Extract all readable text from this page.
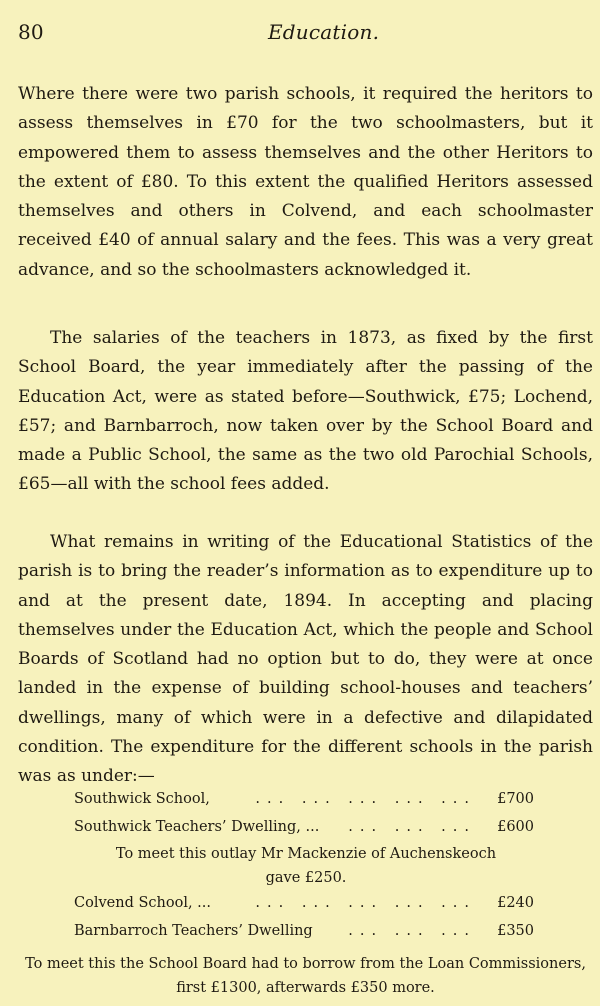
80	Education.

Where there were two parish schools, it required the heritors to assess themselves in £70 for the two schoolmasters, but it empowered them to assess themselves and the other Heritors to the extent of £80. To this extent the qualified Heritors assessed themselves and others in Colvend, and each schoolmaster received £40 of annual salary and the fees. This was a very great advance, and so the schoolmasters acknowledged it.

The salaries of the teachers in 1873, as fixed by the first School Board, the year immediately after the passing of the Education Act, were as stated before—Southwick, £75; Lochend, £57; and Barnbarroch, now taken over by the School Board and made a Public School, the same as the two old Parochial Schools, £65—all with the school fees added.

What remains in writing of the Educational Statistics of the parish is to bring the reader’s information as to expenditure up to and at the present date, 1894. In accepting and placing themselves under the Education Act, which the people and School Boards of Scotland had no option but to do, they were at once landed in the expense of building school-houses and teachers’ dwellings, many of which were in a defective and dilapidated condition. The expenditure for the different schools in the parish was as under:—

Southwick School,	... ... ... ... ... £700
Southwick Teachers’ Dwelling, ... ... ... ... £600
To meet this outlay Mr Mackenzie of Auchenskeoch gave £250.
Colvend School, ...	... ... ... ... ... £240
Barnbarroch Teachers’ Dwelling ... ... ... £350
To meet this the School Board had to borrow from the Loan Commissioners, first £1300, afterwards £350 more.
